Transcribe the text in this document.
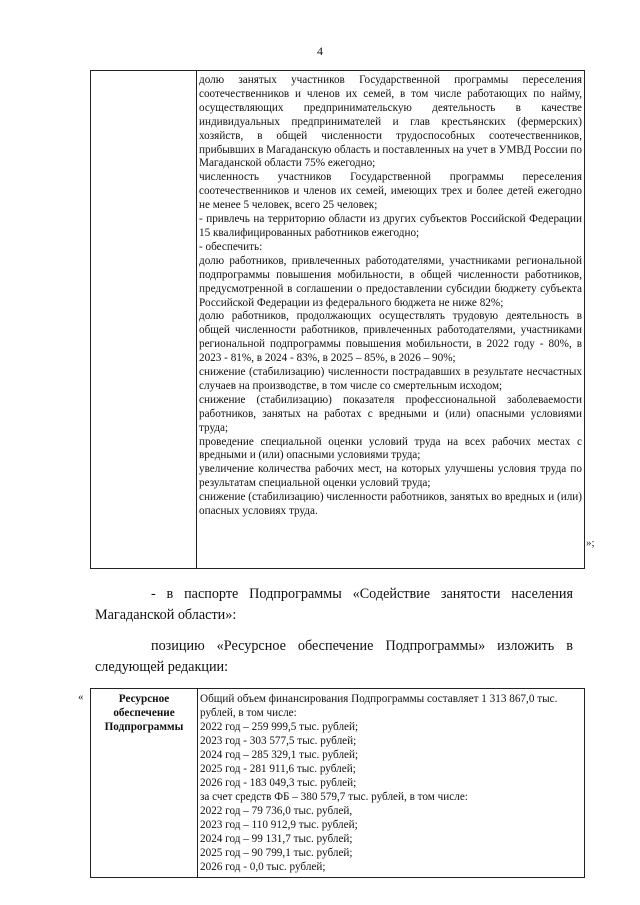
4

долю занятых участников Государственной программы переселения соотечественников и членов их семей, в том числе работающих по найму, осуществляющих предпринимательскую деятельность в качестве индивидуальных предпринимателей и глав крестьянских (фермерских) хозяйств, в общей численности трудоспособных соотечественников, прибывших в Магаданскую область и поставленных на учет в УМВД России по Магаданской области 75% ежегодно;

численность участников Государственной программы переселения соотечественников и членов их семей, имеющих трех и более детей ежегодно не менее 5 человек, всего 25 человек;

- привлечь на территорию области из других субъектов Российской Федерации 15 квалифицированных работников ежегодно;

- обеспечить:

долю работников, привлеченных работодателями, участниками региональной подпрограммы повышения мобильности, в общей численности работников, предусмотренной в соглашении о предоставлении субсидии бюджету субъекта Российской Федерации из федерального бюджета не ниже 82%;

долю работников, продолжающих осуществлять трудовую деятельность в общей численности работников, привлеченных работодателями, участниками региональной подпрограммы повышения мобильности, в 2022 году - 80%, в 2023 - 81%, в 2024 - 83%, в 2025 – 85%, в 2026 – 90%;

снижение (стабилизацию) численности пострадавших в результате несчастных случаев на производстве, в том числе со смертельным исходом;

снижение (стабилизацию) показателя профессиональной заболеваемости работников, занятых на работах с вредными и (или) опасными условиями труда;

проведение специальной оценки условий труда на всех рабочих местах с вредными и (или) опасными условиями труда;

увеличение количества рабочих мест, на которых улучшены условия труда по результатам специальной оценки условий труда;

снижение (стабилизацию) численности работников, занятых во вредных и (или) опасных условиях труда.

»;
- в паспорте Подпрограммы «Содействие занятости населения Магаданской области»:
позицию «Ресурсное обеспечение Подпрограммы» изложить в следующей редакции:
«	Ресурсное обеспечение Подпрограммы

Общий объем финансирования Подпрограммы составляет 1 313 867,0 тыс. рублей, в том числе:

2022 год – 259 999,5 тыс. рублей;

2023 год - 303 577,5 тыс. рублей;

2024 год – 285 329,1 тыс. рублей;

2025 год - 281 911,6 тыс. рублей;

2026 год - 183 049,3 тыс. рублей;

за счет средств ФБ – 380 579,7 тыс. рублей, в том числе:

2022 год – 79 736,0 тыс. рублей,

2023 год – 110 912,9 тыс. рублей;

2024 год – 99 131,7 тыс. рублей;

2025 год – 90 799,1 тыс. рублей;

2026 год - 0,0 тыс. рублей;
